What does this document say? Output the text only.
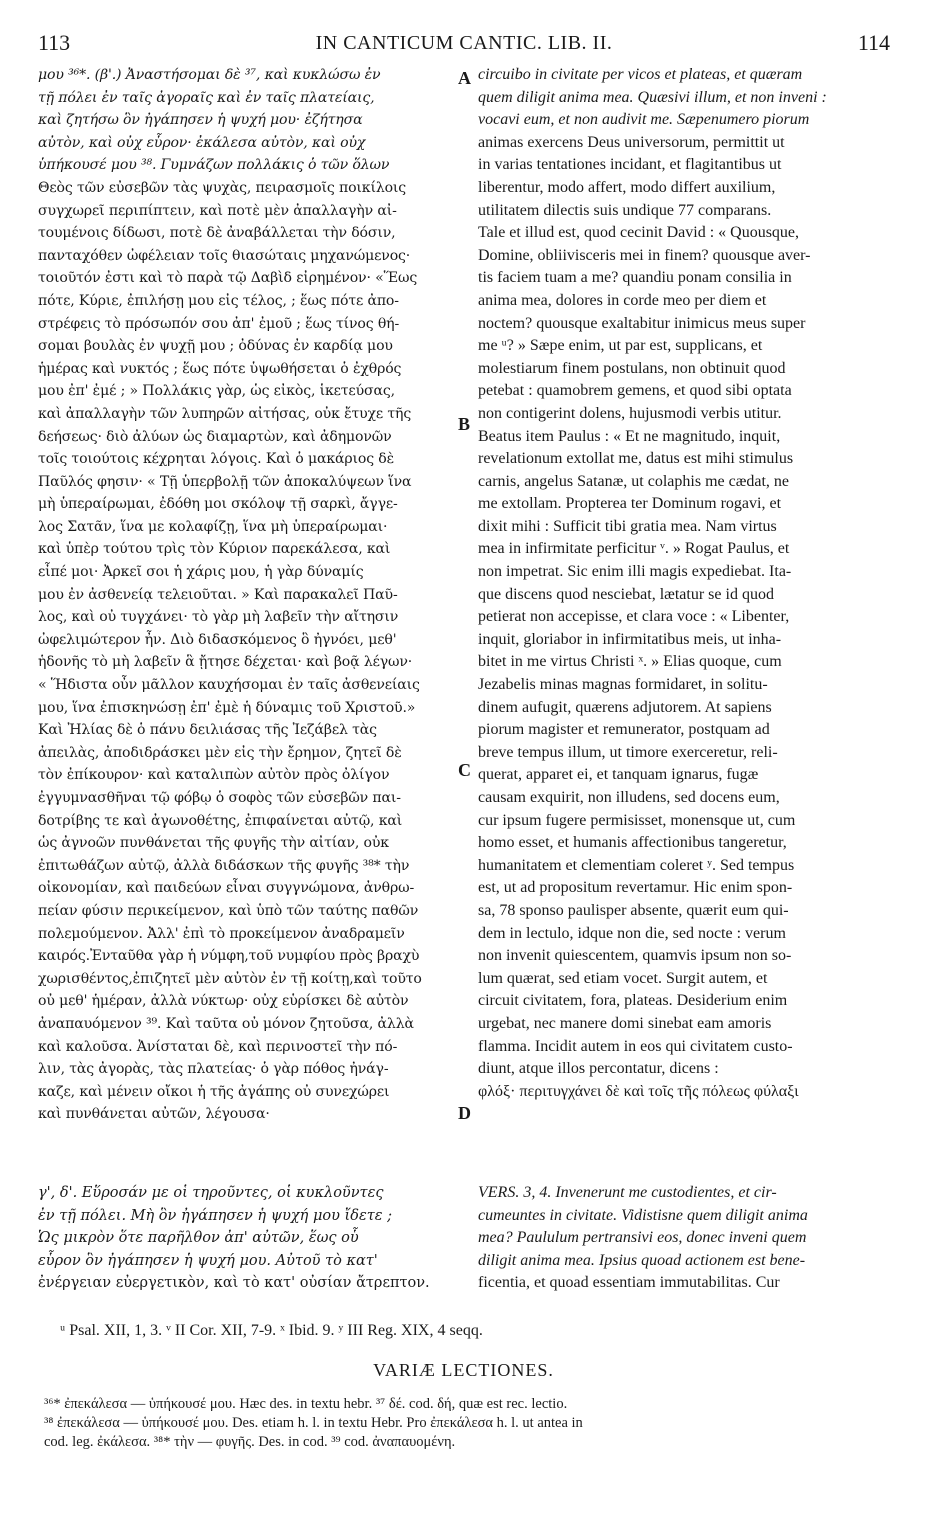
113	IN CANTICUM CANTIC. LIB. II.	114
μου ³⁶*. (β'.) Ἀναστήσομαι δὲ ³⁷, καὶ κυκλώσω ἐν
τῇ πόλει ἐν ταῖς ἀγοραῖς καὶ ἐν ταῖς πλατείαις,
καὶ ζητήσω ὃν ἠγάπησεν ἡ ψυχή μου· ἐζήτησα
αὐτὸν, καὶ οὐχ εὗρον· ἐκάλεσα αὐτὸν, καὶ οὐχ
ὑπήκουσέ μου ³⁸. Γυμνάζων πολλάκις ὁ τῶν ὅλων
Θεὸς τῶν εὐσεβῶν τὰς ψυχὰς, πειρασμοῖς ποικίλοις
συγχωρεῖ περιπίπτειν, καὶ ποτὲ μὲν ἀπαλλαγὴν αἰ-
τουμένοις δίδωσι, ποτὲ δὲ ἀναβάλλεται τὴν δόσιν,
πανταχόθεν ὠφέλειαν τοῖς θιασώταις μηχανώμενος·
τοιοῦτόν ἐστι καὶ τὸ παρὰ τῷ Δαβὶδ εἰρημένον· «Ἕως
πότε, Κύριε, ἐπιλήσῃ μου εἰς τέλος, ; ἕως πότε ἀπο-
στρέφεις τὸ πρόσωπόν σου ἀπ' ἐμοῦ ; ἕως τίνος θή-
σομαι βουλὰς ἐν ψυχῇ μου ; ὀδύνας ἐν καρδίᾳ μου
ἡμέρας καὶ νυκτός ; ἕως πότε ὑψωθήσεται ὁ ἐχθρός
μου ἐπ' ἐμέ ; » Πολλάκις γὰρ, ὡς εἰκὸς, ἱκετεύσας,
καὶ ἀπαλλαγὴν τῶν λυπηρῶν αἰτήσας, οὐκ ἔτυχε τῆς
δεήσεως· διὸ ἀλύων ὡς διαμαρτὼν, καὶ ἀδημονῶν
τοῖς τοιούτοις κέχρηται λόγοις. Καὶ ὁ μακάριος δὲ
Παῦλός φησιν· « Τῇ ὑπερβολῇ τῶν ἀποκαλύψεων ἵνα
μὴ ὑπεραίρωμαι, ἐδόθη μοι σκόλοψ τῇ σαρκὶ, ἄγγε-
λος Σατᾶν, ἵνα με κολαφίζῃ, ἵνα μὴ ὑπεραίρωμαι·
καὶ ὑπὲρ τούτου τρὶς τὸν Κύριον παρεκάλεσα, καὶ
εἶπέ μοι· Ἀρκεῖ σοι ἡ χάρις μου, ἡ γὰρ δύναμίς
μου ἐν ἀσθενείᾳ τελειοῦται. » Καὶ παρακαλεῖ Παῦ-
λος, καὶ οὐ τυγχάνει· τὸ γὰρ μὴ λαβεῖν τὴν αἴτησιν
ὠφελιμώτερον ἦν. Διὸ διδασκόμενος ὃ ἠγνόει, μεθ'
ἡδονῆς τὸ μὴ λαβεῖν ἃ ᾔτησε δέχεται· καὶ βοᾷ λέγων·
« Ἥδιστα οὖν μᾶλλον καυχήσομαι ἐν ταῖς ἀσθενείαις
μου, ἵνα ἐπισκηνώσῃ ἐπ' ἐμὲ ἡ δύναμις τοῦ Χριστοῦ.»
Καὶ Ἠλίας δὲ ὁ πάνυ δειλιάσας τῆς Ἰεζάβελ τὰς
ἀπειλὰς, ἀποδιδράσκει μὲν εἰς τὴν ἔρημον, ζητεῖ δὲ
τὸν ἐπίκουρον· καὶ καταλιπὼν αὐτὸν πρὸς ὀλίγον
ἐγγυμνασθῆναι τῷ φόβῳ ὁ σοφὸς τῶν εὐσεβῶν παι-
δοτρίβης τε καὶ ἀγωνοθέτης, ἐπιφαίνεται αὐτῷ, καὶ
ὡς ἀγνοῶν πυνθάνεται τῆς φυγῆς τὴν αἰτίαν, οὐκ
ἐπιτωθάζων αὐτῷ, ἀλλὰ διδάσκων τῆς φυγῆς ³⁸* τὴν
οἰκονομίαν, καὶ παιδεύων εἶναι συγγνώμονα, ἀνθρω-
πείαν φύσιν περικείμενον, καὶ ὑπὸ τῶν ταύτης παθῶν
πολεμούμενον. Ἀλλ' ἐπὶ τὸ προκείμενον ἀναδραμεῖν
καιρός.Ἐνταῦθα γὰρ ἡ νύμφη,τοῦ νυμφίου πρὸς βραχὺ
χωρισθέντος,ἐπιζητεῖ μὲν αὐτὸν ἐν τῇ κοίτῃ,καὶ τοῦτο
οὐ μεθ' ἡμέραν, ἀλλὰ νύκτωρ· οὐχ εὑρίσκει δὲ αὐτὸν
ἀναπαυόμενον ³⁹. Καὶ ταῦτα οὐ μόνον ζητοῦσα, ἀλλὰ
καὶ καλοῦσα. Ἀνίσταται δὲ, καὶ περινοστεῖ τὴν πό-
λιν, τὰς ἀγορὰς, τὰς πλατείας· ὁ γὰρ πόθος ἠνάγ-
καζε, καὶ μένειν οἴκοι ἡ τῆς ἀγάπης οὐ συνεχώρει
καὶ πυνθάνεται αὐτῶν, λέγουσα·
circuibo in civitate per vicos et plateas, et quæram
quem diligit anima mea. Quæsivi illum, et non inveni :
vocavi eum, et non audivit me. Sæpenumero piorum
animas exercens Deus universorum, permittit ut
in varias tentationes incidant, et flagitantibus ut
liberentur, modo affert, modo differt auxilium,
utilitatem dilectis suis undique 77 comparans.
Tale et illud est, quod cecinit David : « Quousque,
Domine, obliivisceris mei in finem? quousque aver-
tis faciem tuam a me? quandiu ponam consilia in
anima mea, dolores in corde meo per diem et
noctem? quousque exaltabitur inimicus meus super
me ᵘ? » Sæpe enim, ut par est, supplicans, et
molestiarum finem postulans, non obtinuit quod
petebat : quamobrem gemens, et quod sibi optata
non contigerint dolens, hujusmodi verbis utitur.
Beatus item Paulus : « Et ne magnitudo, inquit,
revelationum extollat me, datus est mihi stimulus
carnis, angelus Satanæ, ut colaphis me cædat, ne
me extollam. Propterea ter Dominum rogavi, et
dixit mihi : Sufficit tibi gratia mea. Nam virtus
mea in infirmitate perficitur ᵛ. » Rogat Paulus, et
non impetrat. Sic enim illi magis expediebat. Ita-
que discens quod nesciebat, lætatur se id quod
petierat non accepisse, et clara voce : « Libenter,
inquit, gloriabor in infirmitatibus meis, ut inha-
bitet in me virtus Christi ˣ. » Elias quoque, cum
Jezabelis minas magnas formidaret, in solitu-
dinem aufugit, quærens adjutorem. At sapiens
piorum magister et remunerator, postquam ad
breve tempus illum, ut timore exerceretur, reli-
querat, apparet ei, et tanquam ignarus, fugæ
causam exquirit, non illudens, sed docens eum,
cur ipsum fugere permisisset, monensque ut, cum
homo esset, et humanis affectionibus tangeretur,
humanitatem et clementiam coleret ʸ. Sed tempus
est, ut ad propositum revertamur. Hic enim spon-
sa, 78 sponso paulisper absente, quærit eum qui-
dem in lectulo, idque non die, sed nocte : verum
non invenit quiescentem, quamvis ipsum non so-
lum quærat, sed etiam vocet. Surgit autem, et
circuit civitatem, fora, plateas. Desiderium enim
urgebat, nec manere domi sinebat eam amoris
flamma. Incidit autem in eos qui civitatem custo-
diunt, atque illos percontatur, dicens :
φλόξ· περιτυγχάνει δὲ καὶ τοῖς τῆς πόλεως φύλαξι
A
B
C
D
γ', δ'. Εὕροσάν με οἱ τηροῦντες, οἱ κυκλοῦντες
ἐν τῇ πόλει. Μὴ ὃν ἠγάπησεν ἡ ψυχή μου ἴδετε ;
Ὡς μικρὸν ὅτε παρῆλθον ἀπ' αὐτῶν, ἕως οὗ
εὗρον ὃν ἠγάπησεν ἡ ψυχή μου. Αὐτοῦ τὸ κατ'
ἐνέργειαν εὐεργετικὸν, καὶ τὸ κατ' οὐσίαν ἄτρεπτον.
VERS. 3, 4. Invenerunt me custodientes, et cir-
cumeuntes in civitate. Vidistisne quem diligit anima
mea? Paululum pertransivi eos, donec inveni quem
diligit anima mea. Ipsius quoad actionem est bene-
ficentia, et quoad essentiam immutabilitas. Cur
ᵘ Psal. XII, 1, 3. ᵛ II Cor. XII, 7-9. ˣ Ibid. 9. ʸ III Reg. XIX, 4 seqq.
VARIÆ LECTIONES.
³⁶* ἐπεκάλεσα — ὑπήκουσέ μου. Hæc des. in textu hebr. ³⁷ δέ. cod. δή, quæ est rec. lectio.
³⁸ ἐπεκάλεσα — ὑπήκουσέ μου. Des. etiam h. l. in textu Hebr. Pro ἐπεκάλεσα h. l. ut antea in
cod. leg. ἐκάλεσα. ³⁸* τὴν — φυγῆς. Des. in cod. ³⁹ cod. ἀναπαυομένη.
